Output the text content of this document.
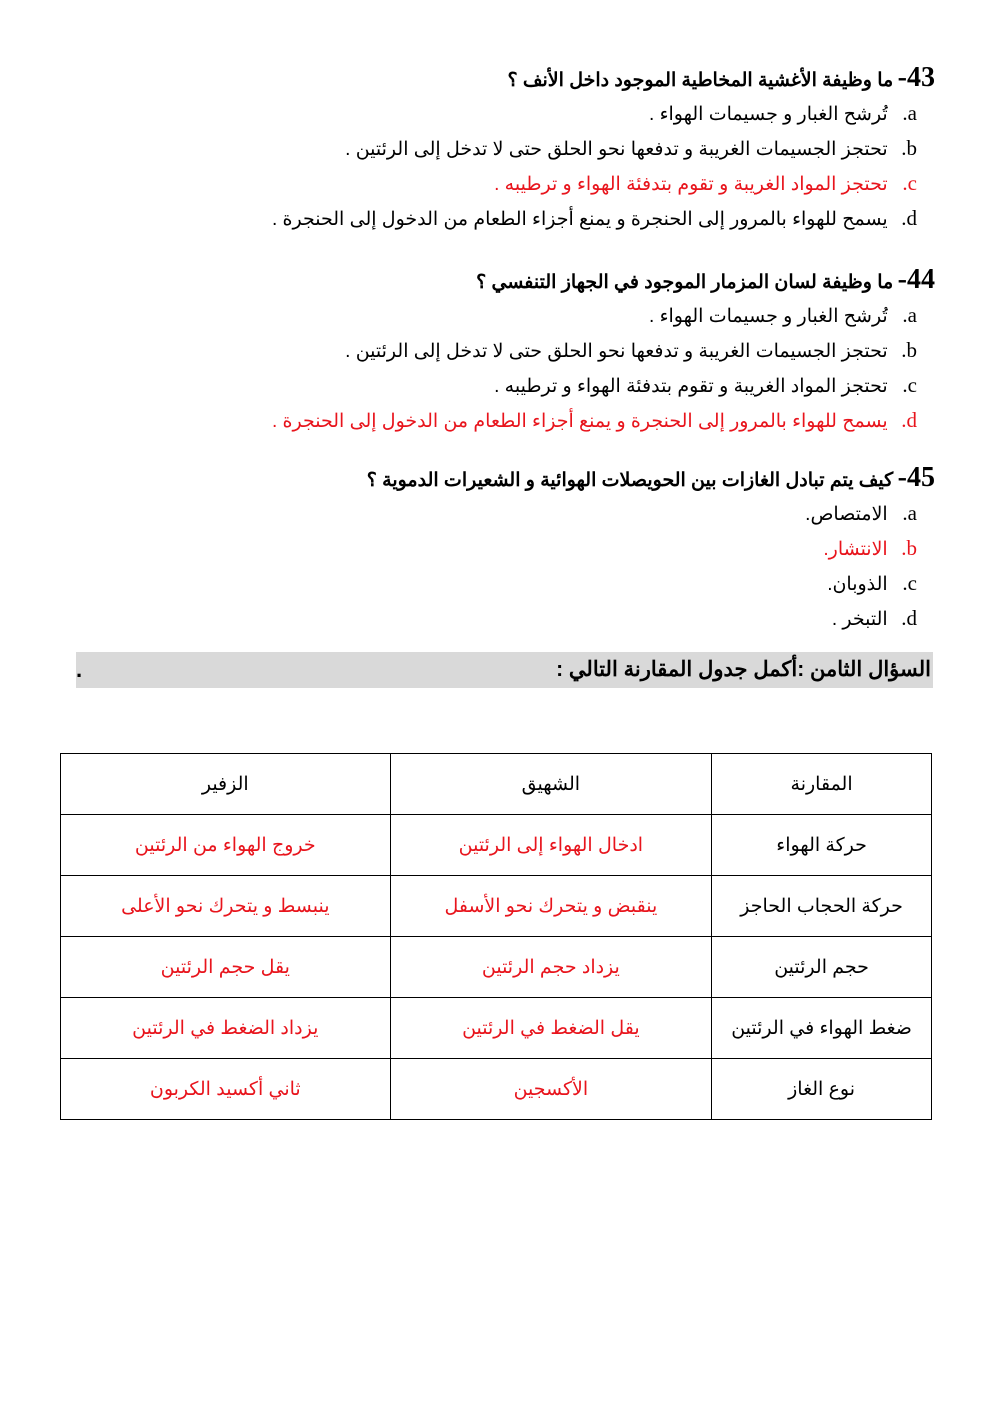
43- ما وظيفة الأغشية المخاطية الموجود داخل الأنف ؟
a. تُرشح الغبار و جسيمات الهواء .
b. تحتجز الجسيمات الغريبة و تدفعها نحو الحلق حتى لا تدخل إلى الرئتين .
c. تحتجز المواد الغريبة و تقوم بتدفئة الهواء و ترطيبه .
d. يسمح للهواء بالمرور إلى الحنجرة و يمنع أجزاء الطعام من الدخول إلى الحنجرة .
44- ما وظيفة لسان المزمار الموجود في الجهاز التنفسي ؟
a. تُرشح الغبار و جسيمات الهواء .
b. تحتجز الجسيمات الغريبة و تدفعها نحو الحلق حتى لا تدخل إلى الرئتين .
c. تحتجز المواد الغريبة و تقوم بتدفئة الهواء و ترطيبه .
d. يسمح للهواء بالمرور إلى الحنجرة و يمنع أجزاء الطعام من الدخول إلى الحنجرة .
45- كيف يتم تبادل الغازات بين الحويصلات الهوائية و الشعيرات الدموية ؟
a. الامتصاص.
b. الانتشار.
c. الذوبان.
d. التبخر .
السؤال الثامن :أكمل جدول المقارنة التالي :
.
المقارنة	الشهيق	الزفير
حركة الهواء	ادخال الهواء إلى الرئتين	خروج الهواء من الرئتين
حركة الحجاب الحاجز	ينقبض و يتحرك نحو الأسفل	ينبسط و يتحرك نحو الأعلى
حجم الرئتين	يزداد حجم الرئتين	يقل حجم الرئتين
ضغط الهواء في الرئتين	يقل الضغط في الرئتين	يزداد الضغط في الرئتين
نوع الغاز	الأكسجين	ثاني أكسيد الكربون
